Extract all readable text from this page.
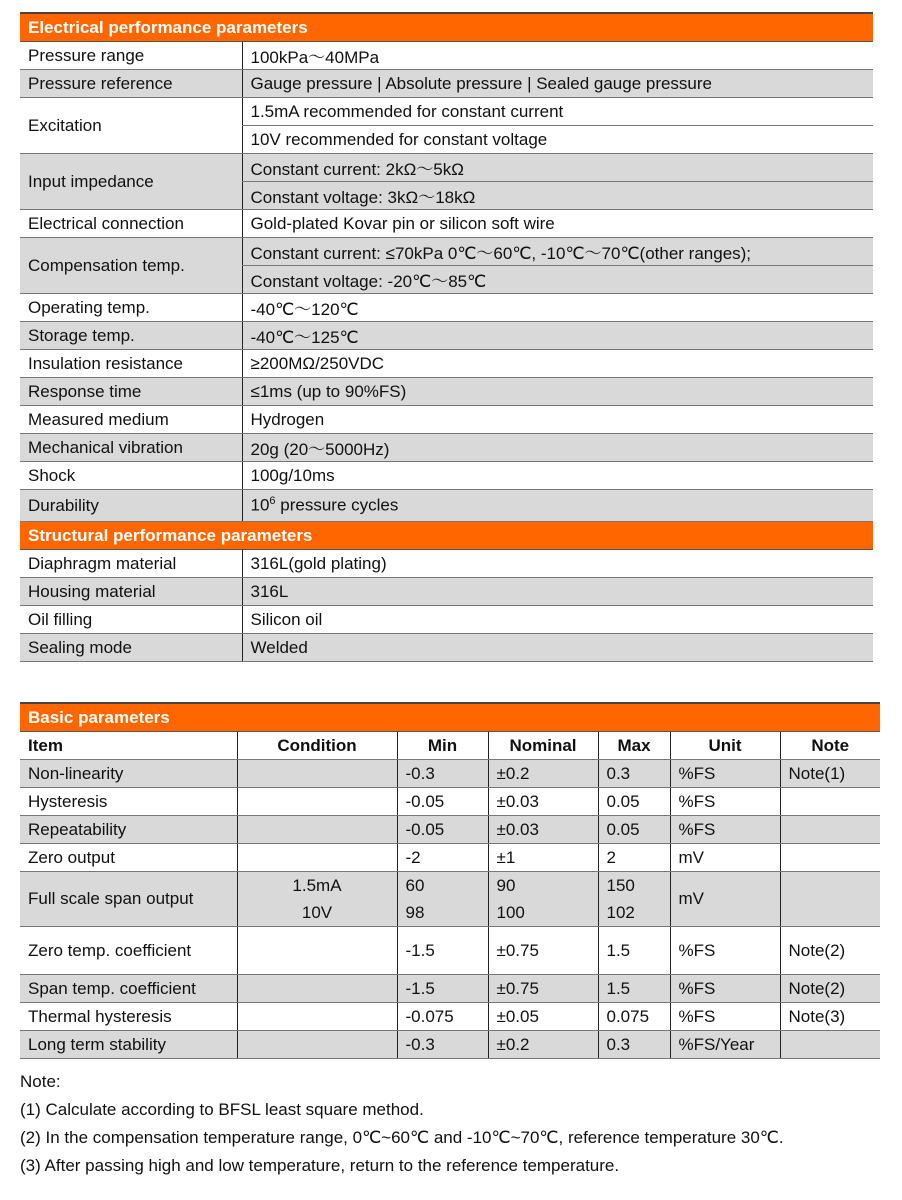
Electrical performance parameters	
Pressure range	100kPa～40MPa
Pressure reference	Gauge pressure | Absolute pressure | Sealed gauge pressure
Excitation	1.5mA recommended for constant current
	10V recommended for constant voltage
Input impedance	Constant current: 2kΩ～5kΩ
	Constant voltage: 3kΩ～18kΩ
Electrical connection	Gold-plated Kovar pin or silicon soft wire
Compensation temp.	Constant current: ≤70kPa 0℃～60℃, -10℃～70℃(other ranges);
	Constant voltage: -20℃～85℃
Operating temp.	-40℃～120℃
Storage temp.	-40℃～125℃
Insulation resistance	≥200MΩ/250VDC
Response time	≤1ms (up to 90%FS)
Measured medium	Hydrogen
Mechanical vibration	20g (20～5000Hz)
Shock	100g/10ms
Durability	$10^6$ pressure cycles
Structural performance parameters	
Diaphragm material	316L(gold plating)
Housing material	316L
Oil filling	Silicon oil
Sealing mode	Welded
Basic parameters						
Item	Condition	Min	Nominal	Max	Unit	Note
Non-linearity		-0.3	±0.2	0.3	%FS	Note(1)
Hysteresis		-0.05	±0.03	0.05	%FS	
Repeatability		-0.05	±0.03	0.05	%FS	
Zero output		-2	±1	2	mV	
Full scale span output	1.5mA	60	90	150	mV	
	10V	98	100	102		
Zero temp. coefficient		-1.5	±0.75	1.5	%FS	Note(2)
Span temp. coefficient		-1.5	±0.75	1.5	%FS	Note(2)
Thermal hysteresis		-0.075	±0.05	0.075	%FS	Note(3)
Long term stability		-0.3	±0.2	0.3	%FS/Year	
Note:
(1) Calculate according to BFSL least square method.
(2) In the compensation temperature range, 0℃~60℃ and -10℃~70℃, reference temperature 30℃.
(3) After passing high and low temperature, return to the reference temperature.
